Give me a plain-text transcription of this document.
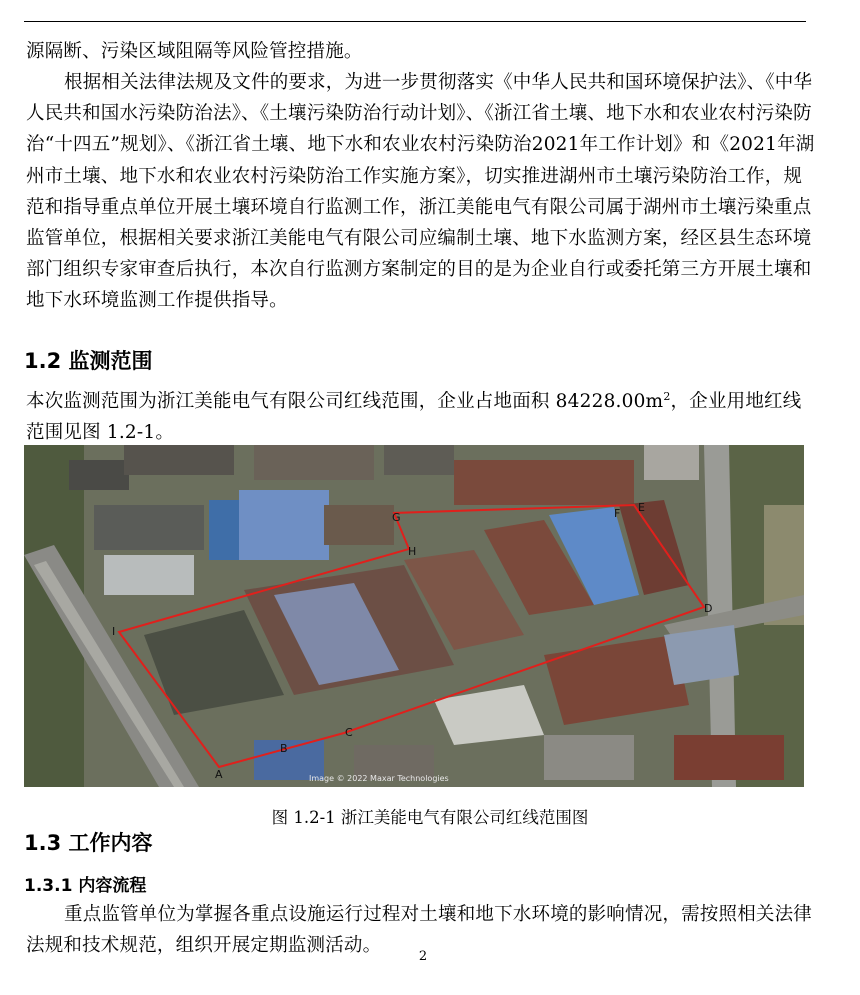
源隔断、污染区域阻隔等风险管控措施。

根据相关法律法规及文件的要求，为进一步贯彻落实《中华人民共和国环境保护法》、《中华人民共和国水污染防治法》、《土壤污染防治行动计划》、《浙江省土壤、地下水和农业农村污染防治“十四五”规划》、《浙江省土壤、地下水和农业农村污染防治2021年工作计划》和《2021年湖州市土壤、地下水和农业农村污染防治工作实施方案》，切实推进湖州市土壤污染防治工作，规范和指导重点单位开展土壤环境自行监测工作，浙江美能电气有限公司属于湖州市土壤污染重点监管单位，根据相关要求浙江美能电气有限公司应编制土壤、地下水监测方案，经区县生态环境部门组织专家审查后执行，本次自行监测方案制定的目的是为企业自行或委托第三方开展土壤和地下水环境监测工作提供指导。

1.2 监测范围

本次监测范围为浙江美能电气有限公司红线范围，企业占地面积 $84228.00m^2$，企业用地红线范围见图 1.2-1。

A
B
C
D
E
F
G
H
I
Image © 2022 Maxar Technologies
图 1.2-1 浙江美能电气有限公司红线范围图
1.3 工作内容
1.3.1 内容流程

重点监管单位为掌握各重点设施运行过程对土壤和地下水环境的影响情况，需按照相关法律法规和技术规范，组织开展定期监测活动。

2
